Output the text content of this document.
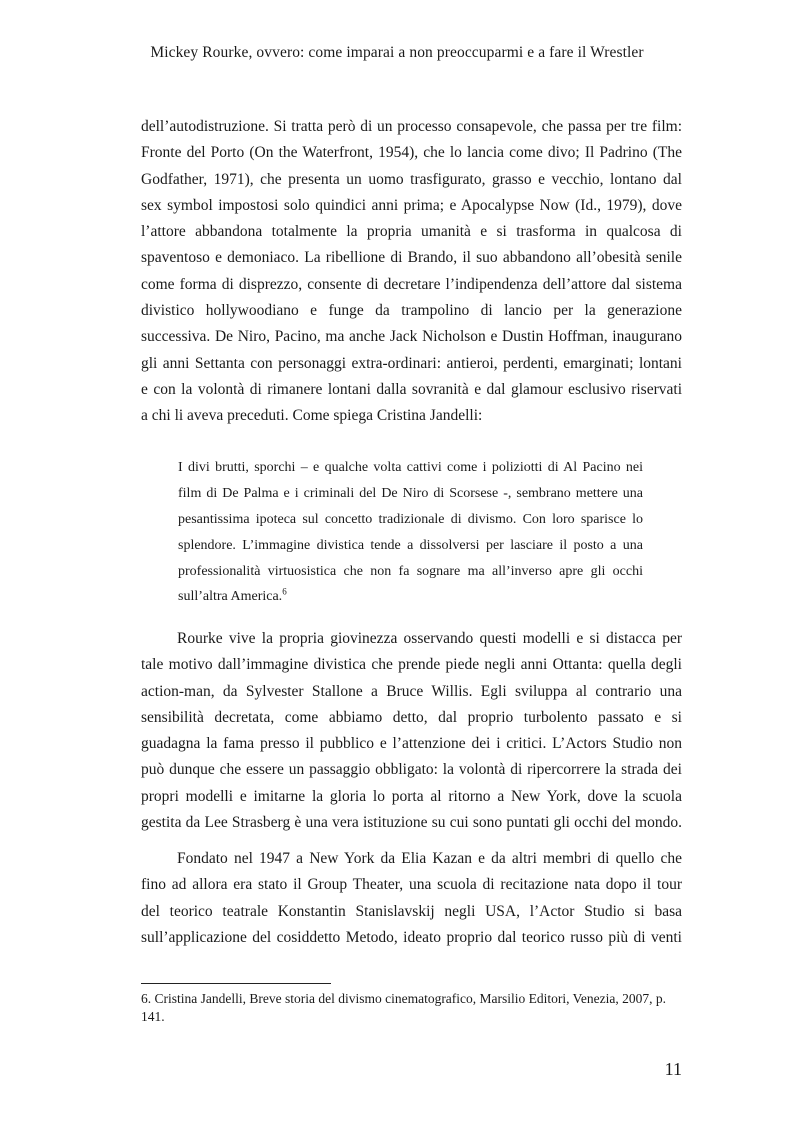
Mickey Rourke, ovvero: come imparai a non preoccuparmi e a fare il Wrestler
dell’autodistruzione. Si tratta però di un processo consapevole, che passa per tre film:
Fronte del Porto (On the Waterfront, 1954), che lo lancia come divo; Il Padrino (The
Godfather, 1971), che presenta un uomo trasfigurato, grasso e vecchio, lontano dal
sex symbol impostosi solo quindici anni prima; e Apocalypse Now (Id., 1979), dove
l’attore abbandona totalmente la propria umanità e si trasforma in qualcosa di
spaventoso e demoniaco. La ribellione di Brando, il suo abbandono all’obesità senile
come forma di disprezzo, consente di decretare l’indipendenza dell’attore dal sistema
divistico hollywoodiano e funge da trampolino di lancio per la generazione
successiva. De Niro, Pacino, ma anche Jack Nicholson e Dustin Hoffman, inaugurano
gli anni Settanta con personaggi extra-ordinari: antieroi, perdenti, emarginati; lontani
e con la volontà di rimanere lontani dalla sovranità e dal glamour esclusivo riservati
a chi li aveva preceduti. Come spiega Cristina Jandelli:
I divi brutti, sporchi – e qualche volta cattivi come i poliziotti di Al Pacino nei
film di De Palma e i criminali del De Niro di Scorsese -, sembrano mettere una
pesantissima ipoteca sul concetto tradizionale di divismo. Con loro sparisce lo
splendore. L’immagine divistica tende a dissolversi per lasciare il posto a una
professionalità virtuosistica che non fa sognare ma all’inverso apre gli occhi
sull’altra America.$^6$
Rourke vive la propria giovinezza osservando questi modelli e si distacca per
tale motivo dall’immagine divistica che prende piede negli anni Ottanta: quella degli
action-man, da Sylvester Stallone a Bruce Willis. Egli sviluppa al contrario una
sensibilità decretata, come abbiamo detto, dal proprio turbolento passato e si
guadagna la fama presso il pubblico e l’attenzione dei i critici. L’Actors Studio non
può dunque che essere un passaggio obbligato: la volontà di ripercorrere la strada dei
propri modelli e imitarne la gloria lo porta al ritorno a New York, dove la scuola
gestita da Lee Strasberg è una vera istituzione su cui sono puntati gli occhi del mondo.
Fondato nel 1947 a New York da Elia Kazan e da altri membri di quello che
fino ad allora era stato il Group Theater, una scuola di recitazione nata dopo il tour
del teorico teatrale Konstantin Stanislavskij negli USA, l’Actor Studio si basa
sull’applicazione del cosiddetto Metodo, ideato proprio dal teorico russo più di venti
6. Cristina Jandelli, Breve storia del divismo cinematografico, Marsilio Editori, Venezia, 2007, p. 141.
11
